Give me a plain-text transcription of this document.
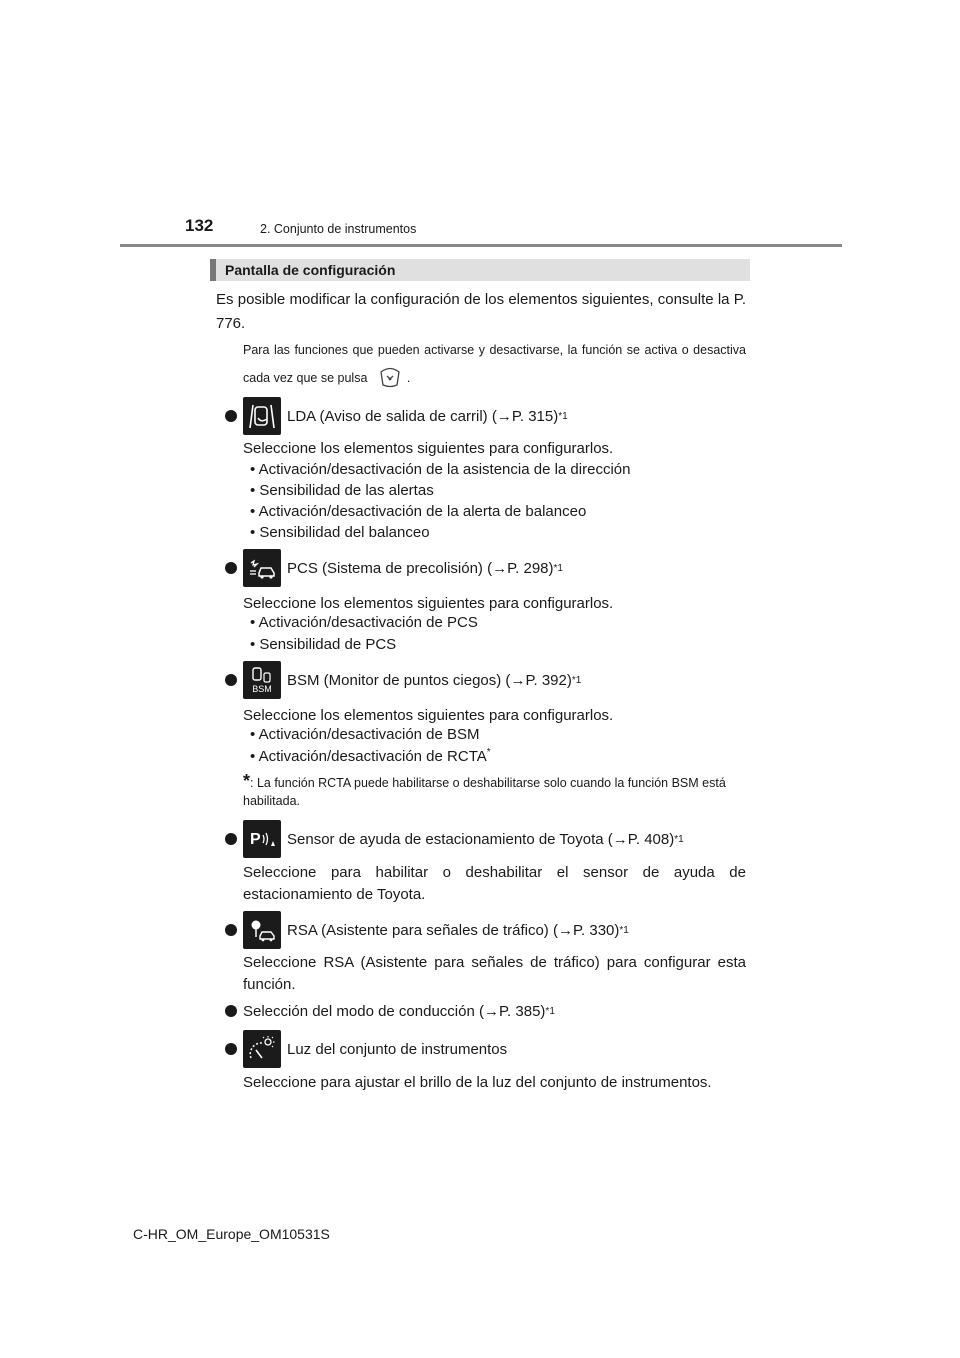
132	2. Conjunto de instrumentos
Pantalla de configuración
Es posible modificar la configuración de los elementos siguientes, consulte la P. 776.
Para las funciones que pueden activarse y desactivarse, la función se activa o desactiva cada vez que se pulsa	.
LDA (Aviso de salida de carril) ( → P. 315) *1
Seleccione los elementos siguientes para configurarlos.
• Activación/desactivación de la asistencia de la dirección
• Sensibilidad de las alertas
• Activación/desactivación de la alerta de balanceo
• Sensibilidad del balanceo
PCS (Sistema de precolisión) ( → P. 298) *1
Seleccione los elementos siguientes para configurarlos.
• Activación/desactivación de PCS
• Sensibilidad de PCS
BSM
BSM (Monitor de puntos ciegos) ( → P. 392) *1
Seleccione los elementos siguientes para configurarlos.
• Activación/desactivación de BSM
• Activación/desactivación de RCTA*
*: La función RCTA puede habilitarse o deshabilitarse solo cuando la función BSM está habilitada.
P Sensor de ayuda de estacionamiento de Toyota ( → P. 408) *1
Seleccione para habilitar o deshabilitar el sensor de ayuda de estacionamiento de Toyota.
RSA (Asistente para señales de tráfico) ( → P. 330) *1
Seleccione RSA (Asistente para señales de tráfico) para configurar esta función.
Selección del modo de conducción ( → P. 385) *1
Luz del conjunto de instrumentos
Seleccione para ajustar el brillo de la luz del conjunto de instrumentos.
C-HR_OM_Europe_OM10531S
